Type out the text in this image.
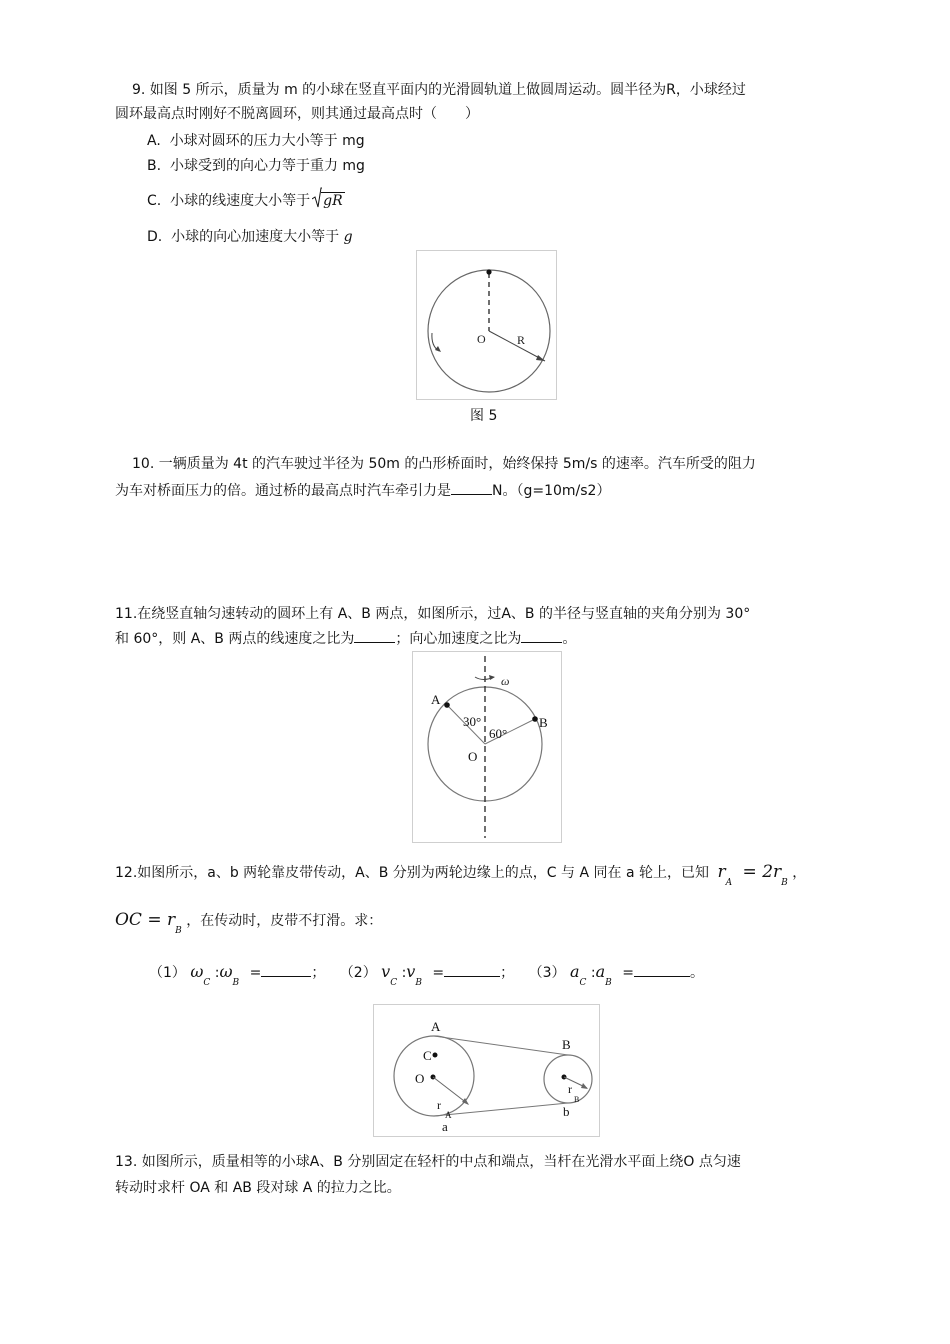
9. 如图 5 所示，质量为 m 的小球在竖直平面内的光滑圆轨道上做圆周运动。圆半径为R，小球经过
圆环最高点时刚好不脱离圆环，则其通过最高点时（　　）
A. 小球对圆环的压力大小等于 mg
B. 小球受到的向心力等于重力 mg
C. 小球的线速度大小等于 gR
D. 小球的向心加速度大小等于 g
O	R
图 5
10. 一辆质量为 4t 的汽车驶过半径为 50m 的凸形桥面时，始终保持 5m/s 的速率。汽车所受的阻力
为车对桥面压力的倍。通过桥的最高点时汽车牵引力是	N。（g=10m/s2）
11.在绕竖直轴匀速转动的圆环上有 A、B 两点，如图所示，过A、B 的半径与竖直轴的夹角分别为 30°
和 60°，则 A、B 两点的线速度之比为	；向心加速度之比为	。
ω
A
B
O
30°
60°
12.如图所示，a、b 两轮靠皮带传动，A、B 分别为两轮边缘上的点，C 与 A 同在 a 轮上，已知 $r_A = 2r_B$ ，
OC = $r_B$ ，在传动时，皮带不打滑。求：
（1） $\omega_C$ $:\omega_B$ =	； （2） $v_C$ $:v_B$ =	； （3） $a_C$ $:a_B$ =	。
A
B
C
O
r
A
r
B
a
b
13. 如图所示，质量相等的小球A、B 分别固定在轻杆的中点和端点，当杆在光滑水平面上绕O 点匀速
转动时求杆 OA 和 AB 段对球 A 的拉力之比。
